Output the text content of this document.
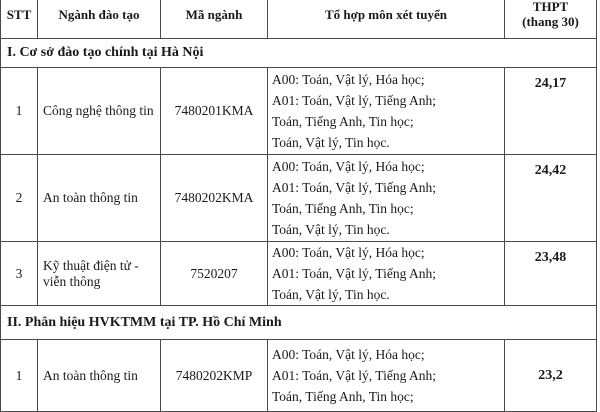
STT	Ngành đào tạo	Mã ngành	Tổ hợp môn xét tuyển	THPT
(thang 30)

I. Cơ sở đào tạo chính tại Hà Nội				
1	Công nghệ thông tin	7480201KMA	A00: Toán, Vật lý, Hóa học;
A01: Toán, Vật lý, Tiếng Anh;
Toán, Tiếng Anh, Tin học;
Toán, Vật lý, Tin học.	24,17
2	An toàn thông tin	7480202KMA	A00: Toán, Vật lý, Hóa học;
A01: Toán, Vật lý, Tiếng Anh;
Toán, Tiếng Anh, Tin học;
Toán, Vật lý, Tin học.	24,42
3	Kỹ thuật điện tử -
viễn thông	7520207	A00: Toán, Vật lý, Hóa học;
A01: Toán, Vật lý, Tiếng Anh;
Toán, Vật lý, Tin học.	23,48
II. Phân hiệu HVKTMM tại TP. Hồ Chí Minh				
1	An toàn thông tin	7480202KMP	A00: Toán, Vật lý, Hóa học;
A01: Toán, Vật lý, Tiếng Anh;
Toán, Tiếng Anh, Tin học;	23,2
